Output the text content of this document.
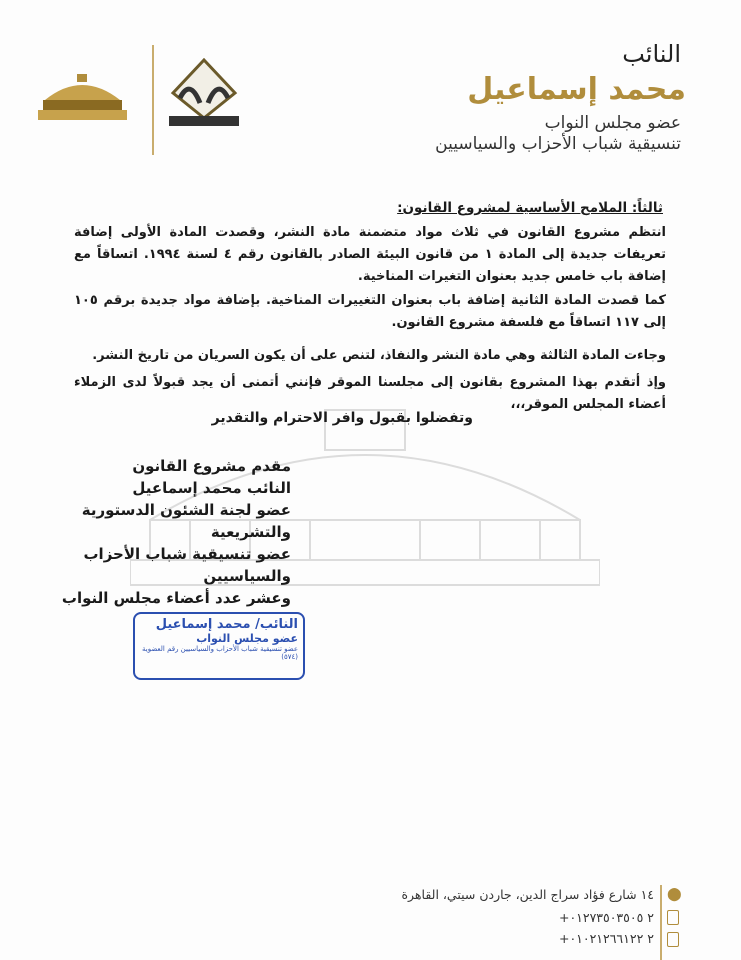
النائب
محمد إسماعيل
عضو مجلس النواب
تنسيقية شباب الأحزاب والسياسيين
ثالثاً: الملامح الأساسية لمشروع القانون:
انتظم مشروع القانون في ثلاث مواد متضمنة مادة النشر، وقصدت المادة الأولى إضافة تعريفات جديدة إلى المادة ١ من قانون البيئة الصادر بالقانون رقم ٤ لسنة ١٩٩٤. اتساقاً مع إضافة باب خامس جديد بعنوان التغيرات المناخية.
كما قصدت المادة الثانية إضافة باب بعنوان التغييرات المناخية. بإضافة مواد جديدة برقم ١٠٥ إلى ١١٧ اتساقاً مع فلسفة مشروع القانون.
وجاءت المادة الثالثة وهي مادة النشر والنفاذ، لتنص على أن يكون السريان من تاريخ النشر.
وإذ أتقدم بهذا المشروع بقانون إلى مجلسنا الموقر فإنني أتمنى أن يجد قبولاً لدى الزملاء أعضاء المجلس الموقر،،،
وتفضلوا بقبول وافر الاحترام والتقدير
مقدم مشروع القانون
النائب محمد إسماعيل
عضو لجنة الشئون الدستورية والتشريعية
عضو تنسيقية شباب الأحزاب والسياسيين
وعشر عدد أعضاء مجلس النواب
النائب/ محمد إسماعيل
عضو مجلس النواب
عضو تنسيقية شباب الأحزاب والسياسيين رقم العضوية (٥٧٤)
⬤
١٤ شارع فؤاد سراج الدين، جاردن سيتي، القاهرة
+٢ ٠١٢٧٣٥٠٣٥٠٥
+٢ ٠١٠٢١٢٦٦١٢٢
